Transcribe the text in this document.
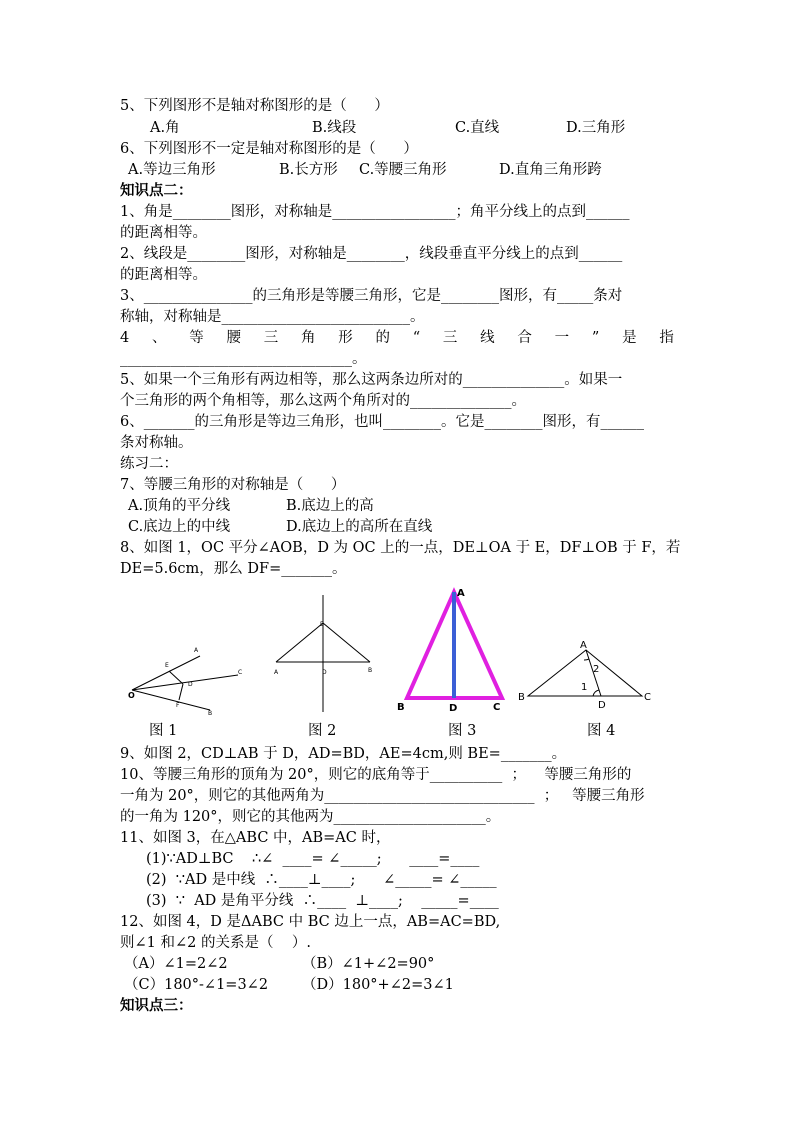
5、下列图形不是轴对称图形的是（      ）
A.角	B.线段	C.直线	D.三角形
6、下列图形不一定是轴对称图形的是（      ）
A.等边三角形	B.长方形 C.等腰三角形	D.直角三角形跨
知识点二：
1、角是________图形，对称轴是_________________；角平分线上的点到______
的距离相等。
2、线段是________图形，对称轴是________，线段垂直平分线上的点到______
的距离相等。
3、_______________的三角形是等腰三角形，它是________图形，有_____条对
称轴，对称轴是__________________________。
4 、 等 腰 三 角 形 的 “ 三 线 合 一 ” 是 指
________________________________。
5、如果一个三角形有两边相等，那么这两条边所对的______________。如果一
个三角形的两个角相等，那么这两个角所对的______________。
6、_______的三角形是等边三角形，也叫________。它是________图形，有______
条对称轴。
练习二：
7、等腰三角形的对称轴是（      ）
A.顶角的平分线	B.底边上的高
C.底边上的中线	D.底边上的高所在直线
8、如图 1，OC 平分∠AOB，D 为 OC 上的一点，DE⊥OA 于 E，DF⊥OB 于 F，若
DE=5.6cm，那么 DF=_______。
E
A
C
D
O
F
B
图 1
E
A	D	B
图 2
A
B	D	C
图 3
A
2
1
B
D
C
图 4
9、如图 2，CD⊥AB 于 D，AD=BD，AE=4cm,则 BE=_______。
10、等腰三角形的顶角为 20°，则它的底角等于__________  ；    等腰三角形的
一角为 20°，则它的其他两角为_____________________________  ；   等腰三角形
的一角为 120°，则它的其他两为_____________________。
11、如图 3，在△ABC 中，AB=AC 时，
(1)∵AD⊥BC    ∴∠  ____= ∠_____;      ____=____
(2)  ∵AD 是中线  ∴____⊥____;      ∠_____= ∠_____
(3)  ∵  AD 是角平分线  ∴____  ⊥____;    _____=____
12、如图 4，D 是ΔABC 中 BC 边上一点，AB=AC=BD,
则∠1 和∠2 的关系是（    ）.
（A）∠1=2∠2	（B）∠1+∠2=90°
（C）180°-∠1=3∠2 （D）180°+∠2=3∠1
知识点三：
